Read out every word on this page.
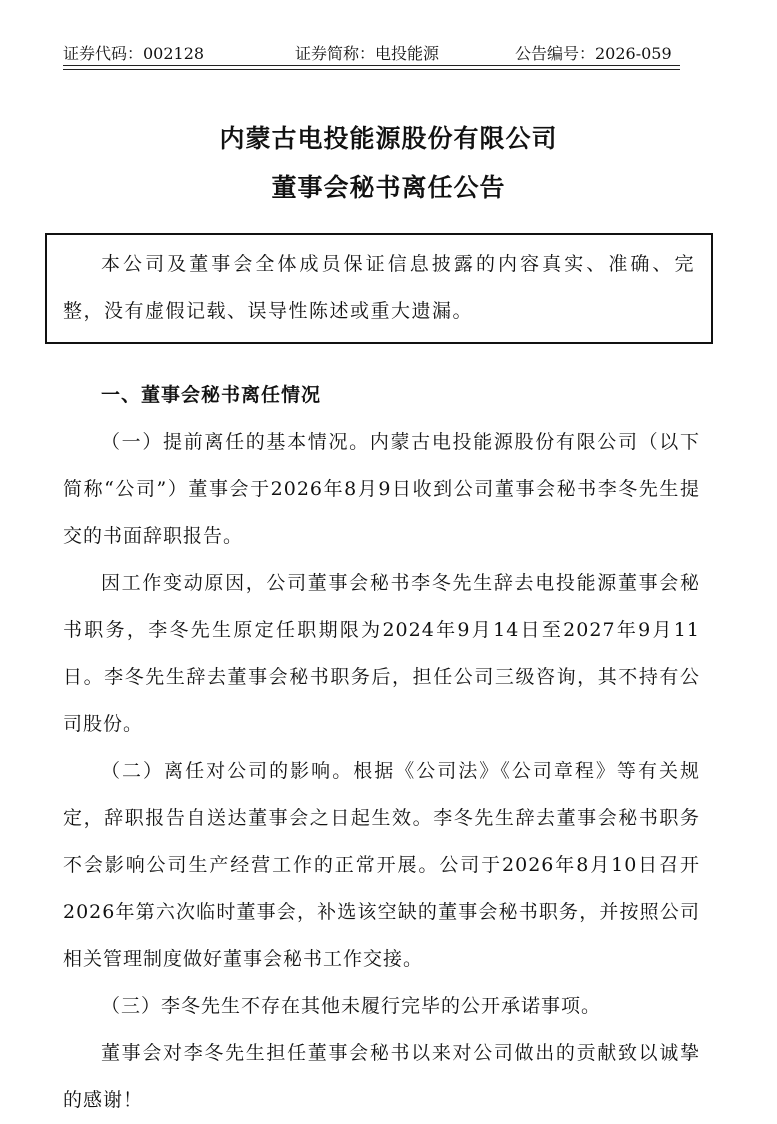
证券代码：002128	证券简称：电投能源	公告编号：2026-059
内蒙古电投能源股份有限公司
董事会秘书离任公告
本公司及董事会全体成员保证信息披露的内容真实、准确、完整，没有虚假记载、误导性陈述或重大遗漏。

一、董事会秘书离任情况

（一）提前离任的基本情况。内蒙古电投能源股份有限公司（以下简称“公司”）董事会于2026年8月9日收到公司董事会秘书李冬先生提交的书面辞职报告。

因工作变动原因，公司董事会秘书李冬先生辞去电投能源董事会秘书职务，李冬先生原定任职期限为2024年9月14日至2027年9月11日。李冬先生辞去董事会秘书职务后，担任公司三级咨询，其不持有公司股份。

（二）离任对公司的影响。根据《公司法》《公司章程》等有关规定，辞职报告自送达董事会之日起生效。李冬先生辞去董事会秘书职务不会影响公司生产经营工作的正常开展。公司于2026年8月10日召开2026年第六次临时董事会，补选该空缺的董事会秘书职务，并按照公司相关管理制度做好董事会秘书工作交接。

（三）李冬先生不存在其他未履行完毕的公开承诺事项。

董事会对李冬先生担任董事会秘书以来对公司做出的贡献致以诚挚的感谢！
